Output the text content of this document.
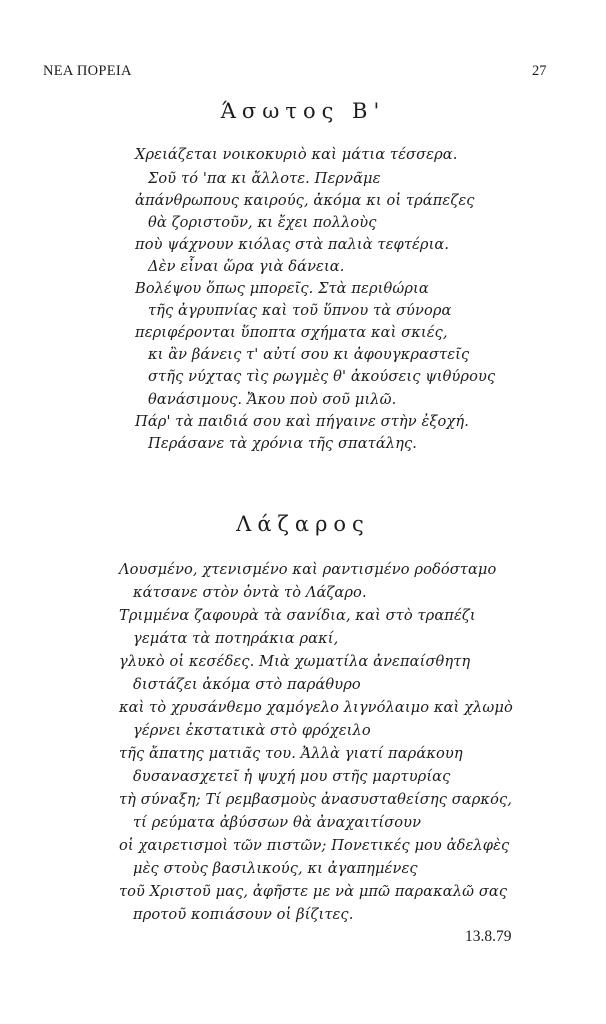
ΝΕΑ ΠΟΡΕΙΑ	27
Άσωτος Β'
Χρειάζεται νοικοκυριὸ καὶ μάτια τέσσερα.
Σοῦ τό 'πα κι ἄλλοτε. Περνᾶμε
ἀπάνθρωπους καιρούς, ἀκόμα κι οἱ τράπεζες
θὰ ζοριστοῦν, κι ἔχει πολλοὺς
ποὺ ψάχνουν κιόλας στὰ παλιὰ τεφτέρια.
Δὲν εἶναι ὥρα γιὰ δάνεια.
Βολέψου ὅπως μπορεῖς. Στὰ περιθώρια
τῆς ἀγρυπνίας καὶ τοῦ ὕπνου τὰ σύνορα
περιφέρονται ὕποπτα σχήματα καὶ σκιές,
κι ἂν βάνεις τ' αὐτί σου κι ἀφουγκραστεῖς
στῆς νύχτας τὶς ρωγμὲς θ' ἀκούσεις ψιθύρους
θανάσιμους. Ἄκου ποὺ σοῦ μιλῶ.
Πάρ' τὰ παιδιά σου καὶ πήγαινε στὴν ἐξοχή.
Περάσανε τὰ χρόνια τῆς σπατάλης.
Λάζαρος
Λουσμένο, χτενισμένο καὶ ραντισμένο ροδόσταμο
κάτσανε στὸν ὀντὰ τὸ Λάζαρο.
Τριμμένα ζαφουρὰ τὰ σανίδια, καὶ στὸ τραπέζι
γεμάτα τὰ ποτηράκια ρακί,
γλυκὸ οἱ κεσέδες. Μιὰ χωματίλα ἀνεπαίσθητη
διστάζει ἀκόμα στὸ παράθυρο
καὶ τὸ χρυσάνθεμο χαμόγελο λιγνόλαιμο καὶ χλωμὸ
γέρνει ἐκστατικὰ στὸ φρόχειλο
τῆς ἄπατης ματιᾶς του. Ἀλλὰ γιατί παράκουη
δυσανασχετεῖ ἡ ψυχή μου στῆς μαρτυρίας
τὴ σύναξη; Τί ρεμβασμοὺς ἀνασυσταθείσης σαρκός,
τί ρεύματα ἀβύσσων θὰ ἀναχαιτίσουν
οἱ χαιρετισμοὶ τῶν πιστῶν; Πονετικές μου ἀδελφὲς
μὲς στοὺς βασιλικούς, κι ἀγαπημένες
τοῦ Χριστοῦ μας, ἀφῆστε με νὰ μπῶ παρακαλῶ σας
προτοῦ κοπιάσουν οἱ βίζιτες.
13.8.79
